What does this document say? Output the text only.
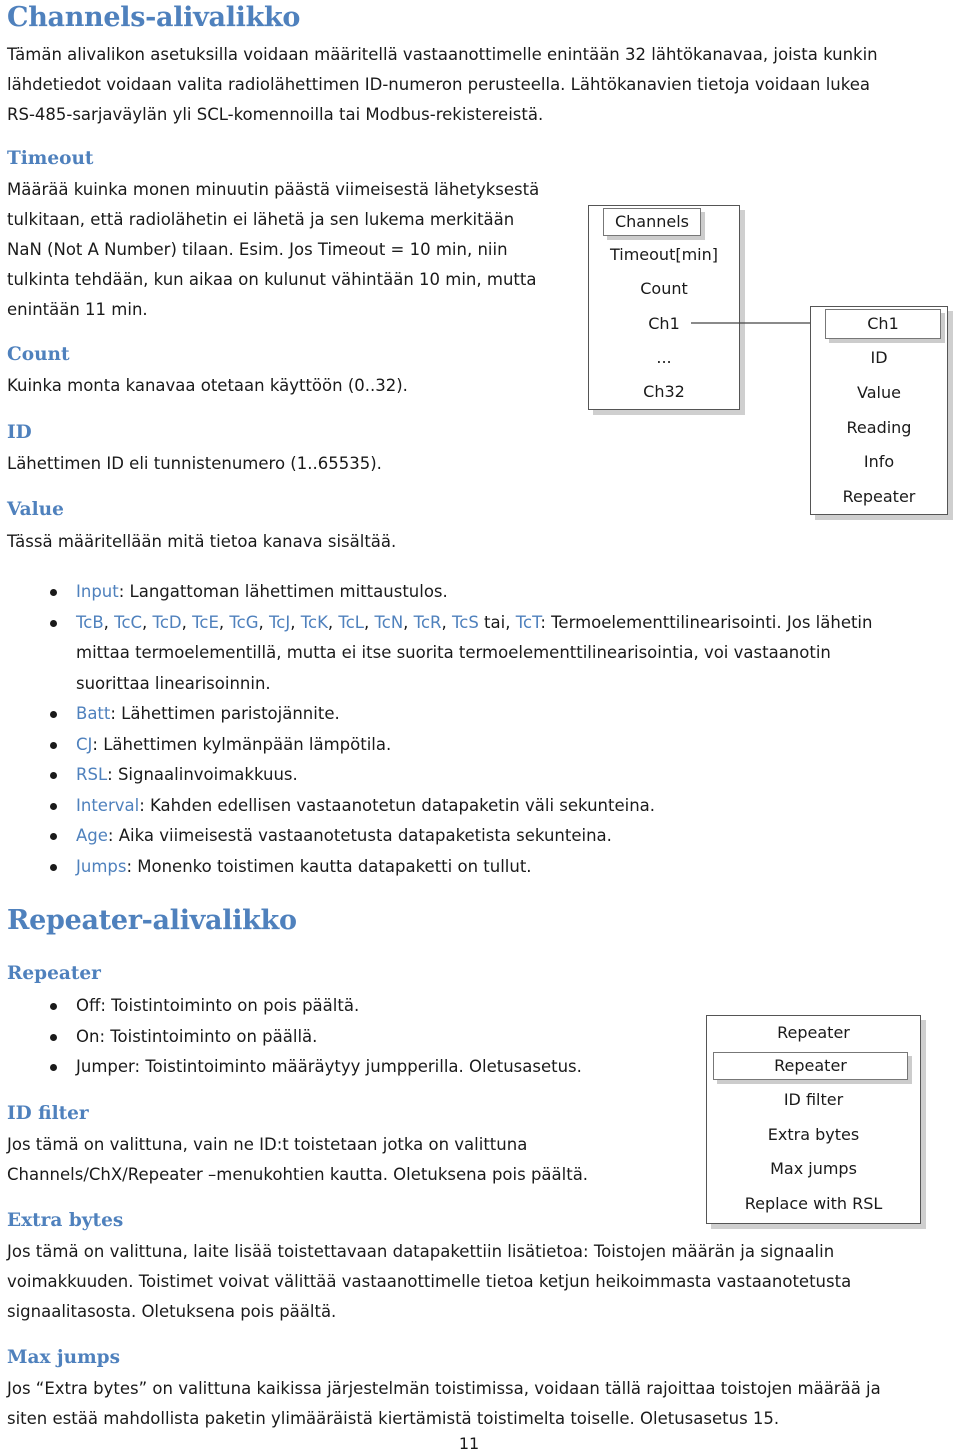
Channels-alivalikko
Tämän alivalikon asetuksilla voidaan määritellä vastaanottimelle enintään 32 lähtökanavaa, joista kunkin
lähdetiedot voidaan valita radiolähettimen ID-numeron perusteella. Lähtökanavien tietoja voidaan lukea
RS-485-sarjaväylän yli SCL-komennoilla tai Modbus-rekistereistä.
Timeout
Määrää kuinka monen minuutin päästä viimeisestä lähetyksestä
tulkitaan, että radiolähetin ei lähetä ja sen lukema merkitään
NaN (Not A Number) tilaan. Esim. Jos Timeout = 10 min, niin
tulkinta tehdään, kun aikaa on kulunut vähintään 10 min, mutta
enintään 11 min.
Count
Kuinka monta kanavaa otetaan käyttöön (0..32).
ID
Lähettimen ID eli tunnistenumero (1..65535).
Value
Tässä määritellään mitä tietoa kanava sisältää.
Input: Langattoman lähettimen mittaustulos.
TcB, TcC, TcD, TcE, TcG, TcJ, TcK, TcL, TcN, TcR, TcS tai, TcT: Termoelementtilinearisointi. Jos lähetin
mittaa termoelementillä, mutta ei itse suorita termoelementtilinearisointia, voi vastaanotin
suorittaa linearisoinnin.
Batt: Lähettimen paristojännite.
CJ: Lähettimen kylmänpään lämpötila.
RSL: Signaalinvoimakkuus.
Interval: Kahden edellisen vastaanotetun datapaketin väli sekunteina.
Age: Aika viimeisestä vastaanotetusta datapaketista sekunteina.
Jumps: Monenko toistimen kautta datapaketti on tullut.
Channels
Timeout[min]
Count
Ch1
...
Ch32
Ch1
ID
Value
Reading
Info
Repeater
Repeater-alivalikko
Repeater
Off: Toistintoiminto on pois päältä.
On: Toistintoiminto on päällä.
Jumper: Toistintoiminto määräytyy jumpperilla. Oletusasetus.
ID filter
Jos tämä on valittuna, vain ne ID:t toistetaan jotka on valittuna
Channels/ChX/Repeater –menukohtien kautta. Oletuksena pois päältä.
Extra bytes
Jos tämä on valittuna, laite lisää toistettavaan datapakettiin lisätietoa: Toistojen määrän ja signaalin
voimakkuuden. Toistimet voivat välittää vastaanottimelle tietoa ketjun heikoimmasta vastaanotetusta
signaalitasosta. Oletuksena pois päältä.
Max jumps
Jos “Extra bytes” on valittuna kaikissa järjestelmän toistimissa, voidaan tällä rajoittaa toistojen määrää ja
siten estää mahdollista paketin ylimääräistä kiertämistä toistimelta toiselle. Oletusasetus 15.
Repeater
Repeater
ID filter
Extra bytes
Max jumps
Replace with RSL
11
